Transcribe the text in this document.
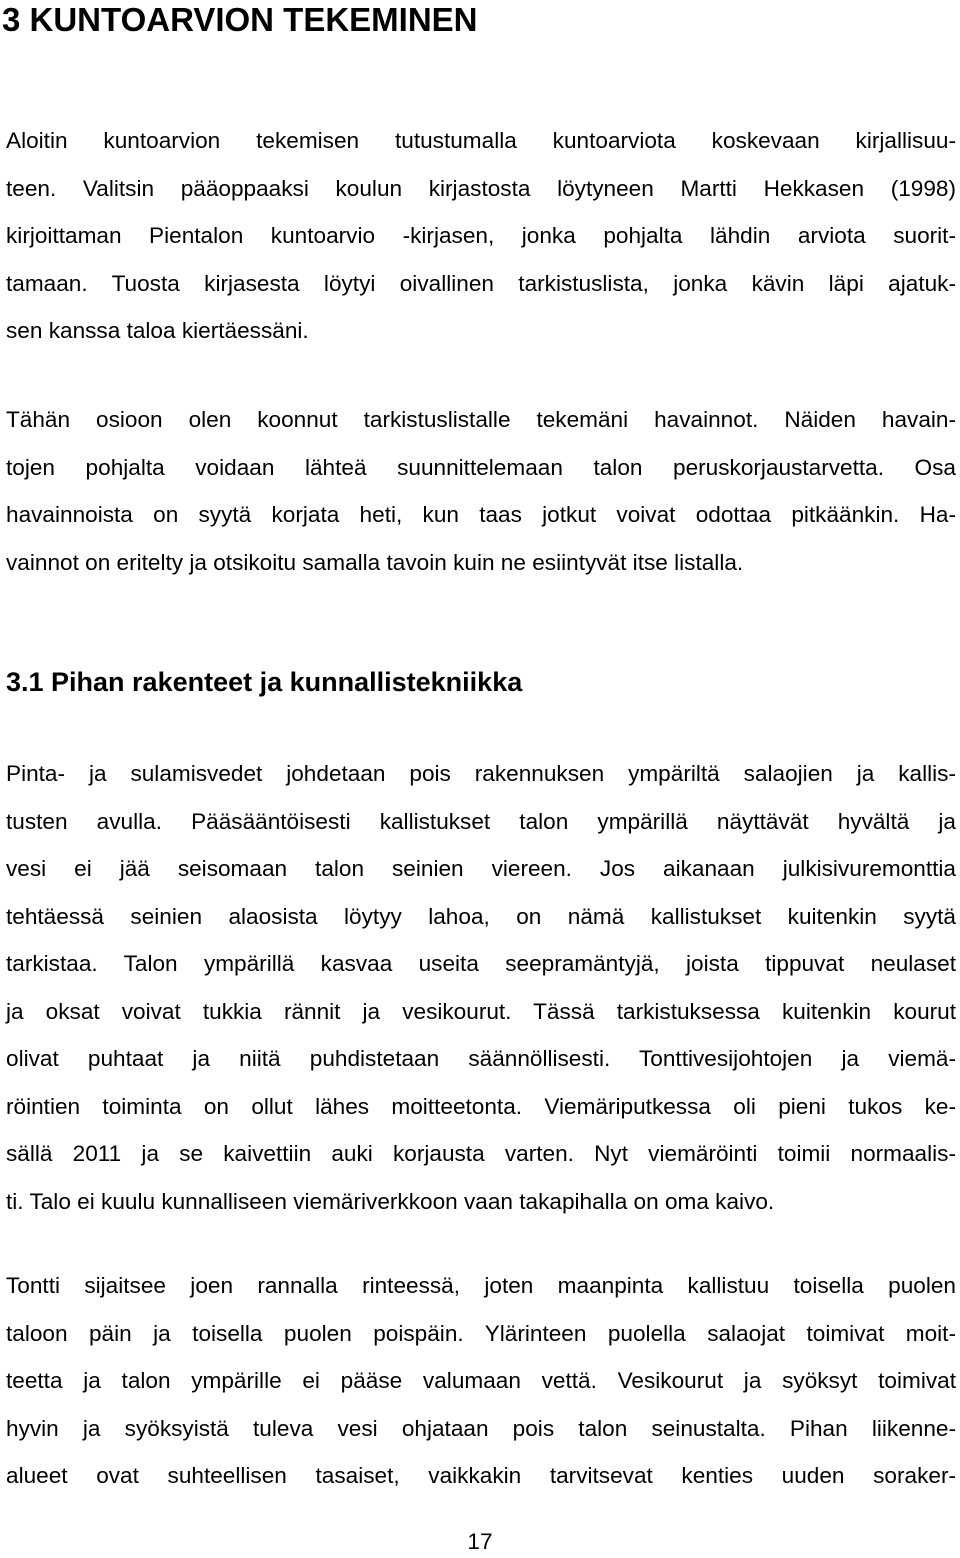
3 KUNTOARVION TEKEMINEN

Aloitin kuntoarvion tekemisen tutustumalla kuntoarviota koskevaan kirjallisuu-
teen. Valitsin pääoppaaksi koulun kirjastosta löytyneen Martti Hekkasen (1998)
kirjoittaman Pientalon kuntoarvio -kirjasen, jonka pohjalta lähdin arviota suorit-
tamaan. Tuosta kirjasesta löytyi oivallinen tarkistuslista, jonka kävin läpi ajatuk-
sen kanssa taloa kiertäessäni.

Tähän osioon olen koonnut tarkistuslistalle tekemäni havainnot. Näiden havain-
tojen pohjalta voidaan lähteä suunnittelemaan talon peruskorjaustarvetta. Osa
havainnoista on syytä korjata heti, kun taas jotkut voivat odottaa pitkäänkin. Ha-
vainnot on eritelty ja otsikoitu samalla tavoin kuin ne esiintyvät itse listalla.

3.1 Pihan rakenteet ja kunnallistekniikka

Pinta- ja sulamisvedet johdetaan pois rakennuksen ympäriltä salaojien ja kallis-
tusten avulla. Pääsääntöisesti kallistukset talon ympärillä näyttävät hyvältä ja
vesi ei jää seisomaan talon seinien viereen. Jos aikanaan julkisivuremonttia
tehtäessä seinien alaosista löytyy lahoa, on nämä kallistukset kuitenkin syytä
tarkistaa. Talon ympärillä kasvaa useita seepramäntyjä, joista tippuvat neulaset
ja oksat voivat tukkia rännit ja vesikourut. Tässä tarkistuksessa kuitenkin kourut
olivat puhtaat ja niitä puhdistetaan säännöllisesti. Tonttivesijohtojen ja viemä-
röintien toiminta on ollut lähes moitteetonta. Viemäriputkessa oli pieni tukos ke-
sällä 2011 ja se kaivettiin auki korjausta varten. Nyt viemäröinti toimii normaalis-
ti. Talo ei kuulu kunnalliseen viemäriverkkoon vaan takapihalla on oma kaivo.

Tontti sijaitsee joen rannalla rinteessä, joten maanpinta kallistuu toisella puolen
taloon päin ja toisella puolen poispäin. Ylärinteen puolella salaojat toimivat moit-
teetta ja talon ympärille ei pääse valumaan vettä. Vesikourut ja syöksyt toimivat
hyvin ja syöksyistä tuleva vesi ohjataan pois talon seinustalta. Pihan liikenne-
alueet ovat suhteellisen tasaiset, vaikkakin tarvitsevat kenties uuden soraker-

17
